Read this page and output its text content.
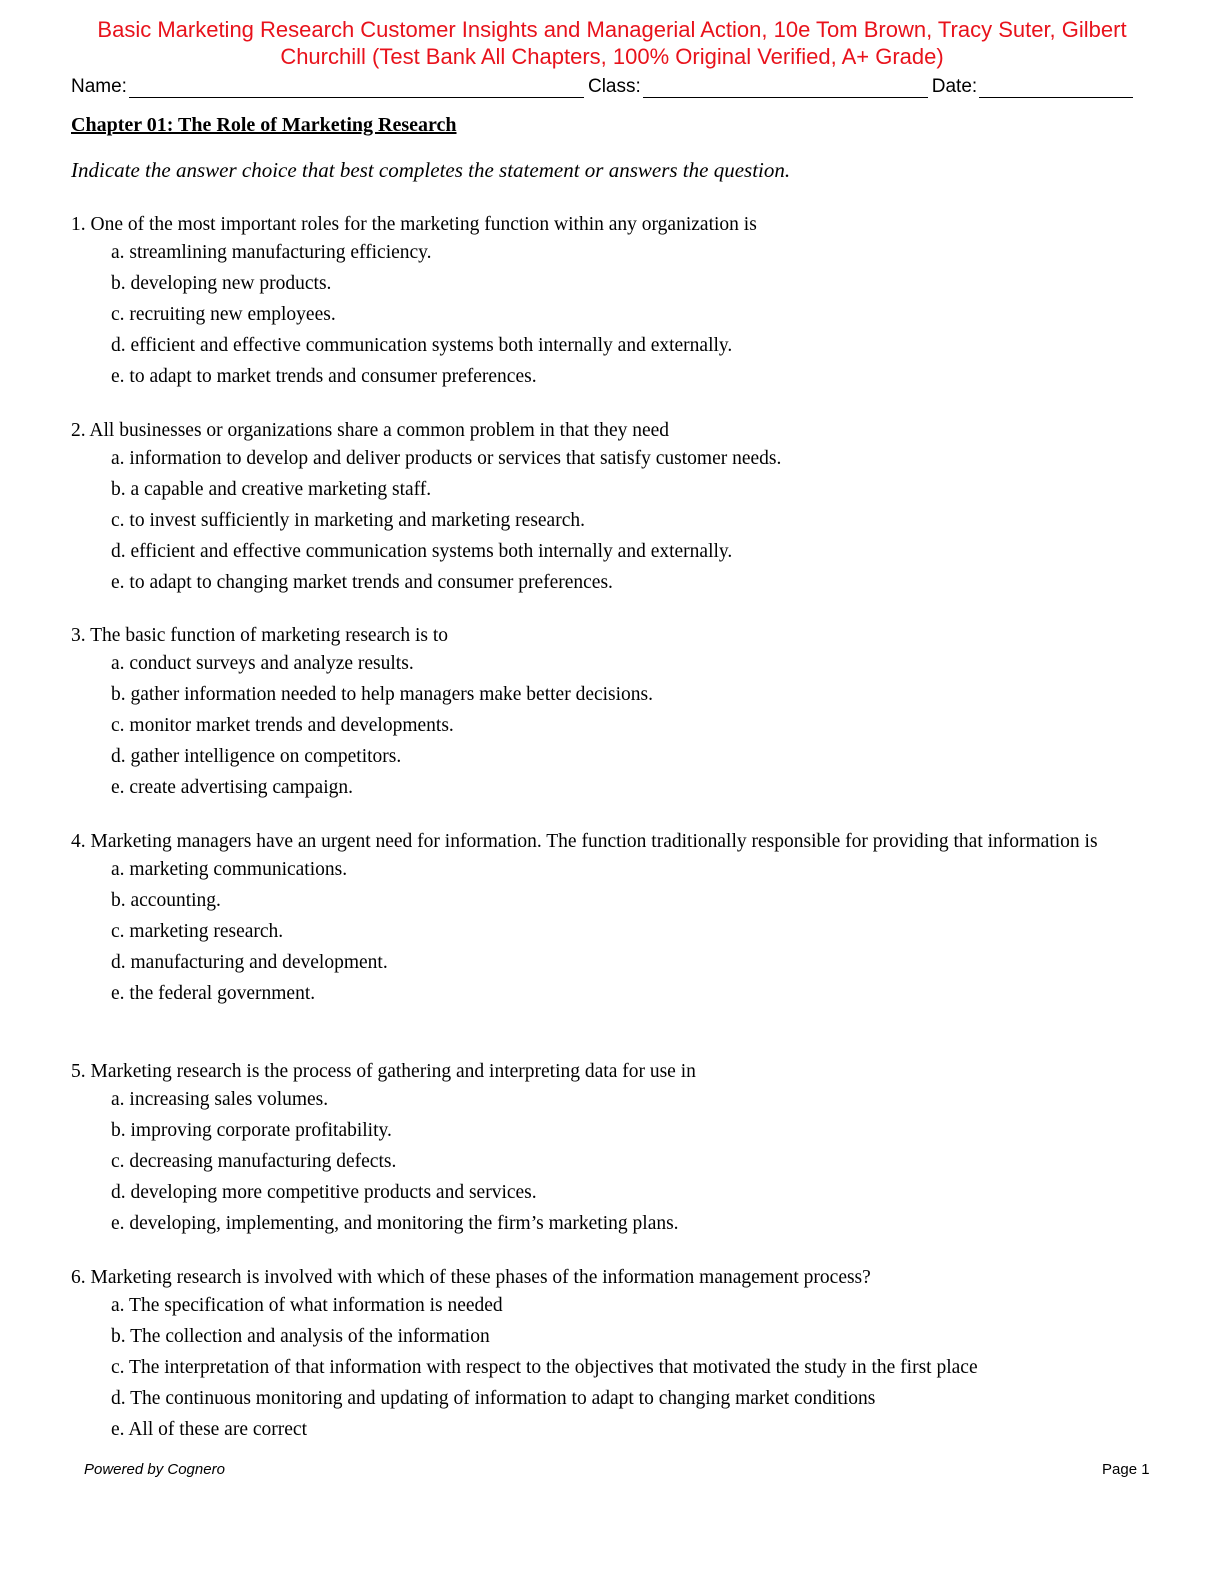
Basic Marketing Research Customer Insights and Managerial Action, 10e Tom Brown, Tracy Suter, Gilbert
Churchill (Test Bank All Chapters, 100% Original Verified, A+ Grade)
Name:	Class:	Date:
Chapter 01: The Role of Marketing Research
Indicate the answer choice that best completes the statement or answers the question.
1. One of the most important roles for the marketing function within any organization is
a. streamlining manufacturing efficiency.
b. developing new products.
c. recruiting new employees.
d. efficient and effective communication systems both internally and externally.
e. to adapt to market trends and consumer preferences.
2. All businesses or organizations share a common problem in that they need
a. information to develop and deliver products or services that satisfy customer needs.
b. a capable and creative marketing staff.
c. to invest sufficiently in marketing and marketing research.
d. efficient and effective communication systems both internally and externally.
e. to adapt to changing market trends and consumer preferences.
3. The basic function of marketing research is to
a. conduct surveys and analyze results.
b. gather information needed to help managers make better decisions.
c. monitor market trends and developments.
d. gather intelligence on competitors.
e. create advertising campaign.
4. Marketing managers have an urgent need for information. The function traditionally responsible for providing that information is
a. marketing communications.
b. accounting.
c. marketing research.
d. manufacturing and development.
e. the federal government.
5. Marketing research is the process of gathering and interpreting data for use in
a. increasing sales volumes.
b. improving corporate profitability.
c. decreasing manufacturing defects.
d. developing more competitive products and services.
e. developing, implementing, and monitoring the firm’s marketing plans.
6. Marketing research is involved with which of these phases of the information management process?
a. The specification of what information is needed
b. The collection and analysis of the information
c. The interpretation of that information with respect to the objectives that motivated the study in the first place
d. The continuous monitoring and updating of information to adapt to changing market conditions
e. All of these are correct
Powered by Cognero	Page 1
